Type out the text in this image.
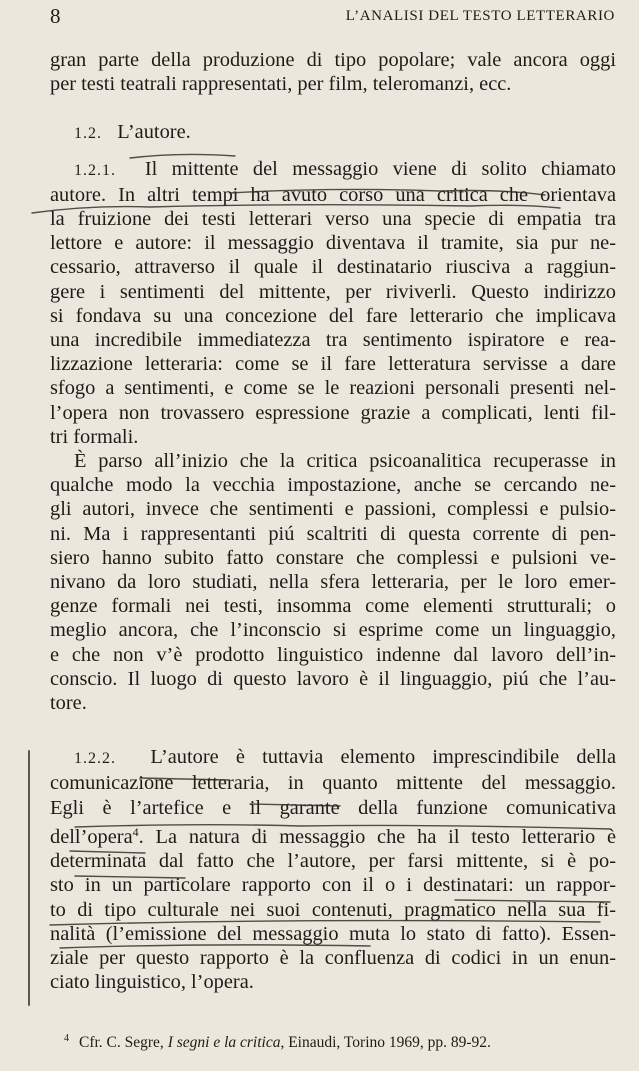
8	L’ANALISI DEL TESTO LETTERARIO

gran parte della produzione di tipo popolare; vale ancora oggi
per testi teatrali rappresentati, per film, teleromanzi, ecc.

1.2. L’autore.

1.2.1. Il mittente del messaggio viene di solito chiamato
autore. In altri tempi ha avuto corso una critica che orientava
la fruizione dei testi letterari verso una specie di empatia tra
lettore e autore: il messaggio diventava il tramite, sia pur ne-
cessario, attraverso il quale il destinatario riusciva a raggiun-
gere i sentimenti del mittente, per riviverli. Questo indirizzo
si fondava su una concezione del fare letterario che implicava
una incredibile immediatezza tra sentimento ispiratore e rea-
lizzazione letteraria: come se il fare letteratura servisse a dare
sfogo a sentimenti, e come se le reazioni personali presenti nel-
l’opera non trovassero espressione grazie a complicati, lenti fil-
tri formali.

È parso all’inizio che la critica psicoanalitica recuperasse in
qualche modo la vecchia impostazione, anche se cercando ne-
gli autori, invece che sentimenti e passioni, complessi e pulsio-
ni. Ma i rappresentanti piú scaltriti di questa corrente di pen-
siero hanno subito fatto constare che complessi e pulsioni ve-
nivano da loro studiati, nella sfera letteraria, per le loro emer-
genze formali nei testi, insomma come elementi strutturali; o
meglio ancora, che l’inconscio si esprime come un linguaggio,
e che non v’è prodotto linguistico indenne dal lavoro dell’in-
conscio. Il luogo di questo lavoro è il linguaggio, piú che l’au-
tore.

1.2.2. L’autore è tuttavia elemento imprescindibile della
comunicazione letteraria, in quanto mittente del messaggio.
Egli è l’artefice e il garante della funzione comunicativa
dell’opera$^4$. La natura di messaggio che ha il testo letterario è
determinata dal fatto che l’autore, per farsi mittente, si è po-
sto in un particolare rapporto con il o i destinatari: un rappor-
to di tipo culturale nei suoi contenuti, pragmatico nella sua fi-
nalità (l’emissione del messaggio muta lo stato di fatto). Essen-
ziale per questo rapporto è la confluenza di codici in un enun-
ciato linguistico, l’opera.

$^4$ Cfr. C. Segre, I segni e la critica, Einaudi, Torino 1969, pp. 89-92.
